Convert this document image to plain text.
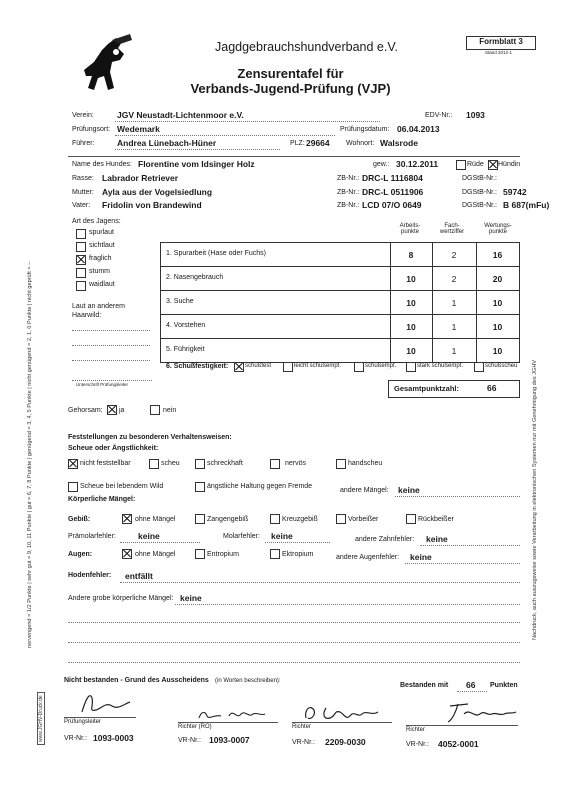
Jagdgebrauchshundverband e.V.	Formblatt 3
Stand 2012-1
Zensurentafel für
Verbands-Jugend-Prüfung (VJP)
Verein:	JGV Neustadt-Lichtenmoor e.V.	EDV-Nr.: 1093
Prüfungsort: Wedemark	Prüfungsdatum: 06.04.2013
Führer:	Andrea Lünebach-Hüner	PLZ: 29664 Wohnort: Walsrode
Name des Hundes: Florentine vom Idsinger Holz	gew.: 30.12.2011	Rüde Hündin
Rasse: Labrador Retriever	ZB-Nr.: DRC-L 1116804	DGStB-Nr.:
Mutter: Ayla aus der Vogelsiedlung	ZB-Nr.: DRC-L 0511906	DGStB-Nr.: 59742
Vater: Fridolin von Brandewind	ZB-Nr.: LCD 07/O 0649	DGStB-Nr.: B 687(mFu)
Art des Jagens:
spurlaut
sichtlaut
fraglich
stumm
waidlaut
Laut an anderem
Haarwild:
Arbeits-
punkte
Fach-
wertziffer
Wertungs-
punkte
1. Spurarbeit (Hase oder Fuchs)	8	2	16
2. Nasengebrauch	10	2	20
3. Suche	10	1	10
4. Vorstehen	10	1	10
5. Führigkeit	10	1	10
6. Schußfestigkeit:	schußfest	leicht schußempf.	schußempf.	stark schußempf.	schußscheu
Gesamtpunktzahl:	66
Unterschrift Prüfungsleiter
Gehorsam: ja	nein
Feststellungen zu besonderen Verhaltensweisen:
Scheue oder Ängstlichkeit:
nicht feststellbar	scheu	schreckhaft	nervös	handscheu
Scheue bei lebendem Wild	ängstliche Haltung gegen Fremde
andere Mängel: keine
Körperliche Mängel:
Gebiß:	ohne Mängel	Zangengebiß	Kreuzgebiß	Vorbeißer	Rückbeißer
Prämolarfehler:	keine	Molarfehler: keine	andere Zahnfehler: keine
Augen:	ohne Mängel	Entropium	Ektropium	andere Augenfehler: keine
Hodenfehler: entfällt
Andere grobe körperliche Mängel: keine
Nicht bestanden - Grund des Ausscheidens (in Worten beschreiben):
Bestanden mit 66 Punkten
Prüfungsleiter
Richter (RO)	Richter	Richter
VR-Nr.: 1093-0003	VR-Nr.: 1093-0007	VR-Nr.: 2209-0030	VR-Nr.: 4052-0001
nervengend = 1/2 Punkte | sehr gut = 9, 10, 11 Punkte | gut = 6, 7, 8 Punkte | genügend = 3, 4, 5 Punkte | nicht genügend = 2, 1, 0 Punkte | nicht geprüft = –	Nachdruck, auch auszugsweise sowie Verarbeitung in elektronischen Systemen nur mit Genehmigung des JGHV
www.JGHV-Druck.de
